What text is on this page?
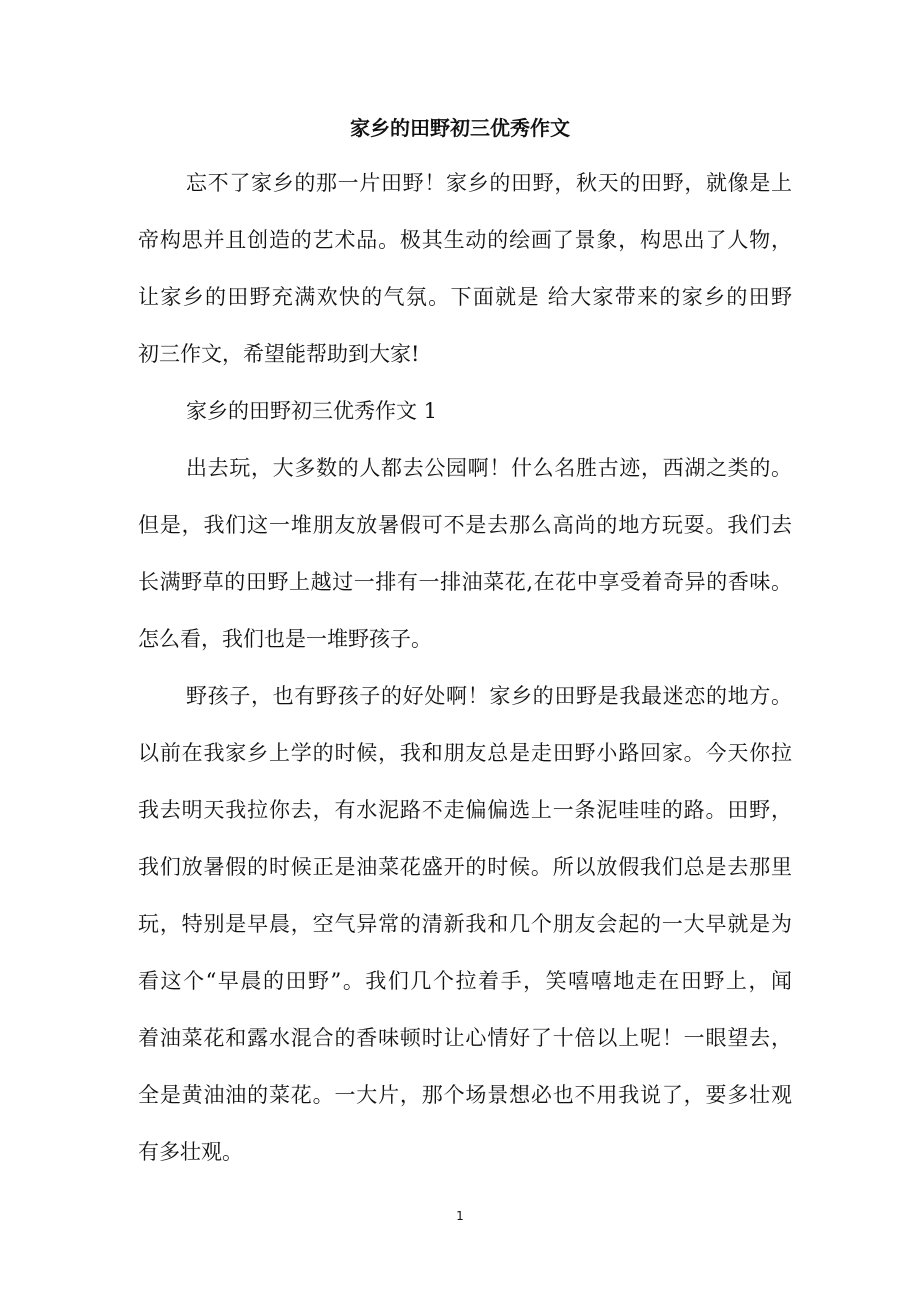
家乡的田野初三优秀作文

忘不了家乡的那一片田野！家乡的田野，秋天的田野，就像是上

帝构思并且创造的艺术品。极其生动的绘画了景象，构思出了人物，

让家乡的田野充满欢快的气氛。下面就是 给大家带来的家乡的田野

初三作文，希望能帮助到大家!

家乡的田野初三优秀作文 1

出去玩，大多数的人都去公园啊！什么名胜古迹，西湖之类的。

但是，我们这一堆朋友放暑假可不是去那么高尚的地方玩耍。我们去

长满野草的田野上越过一排有一排油菜花,在花中享受着奇异的香味。

怎么看，我们也是一堆野孩子。

野孩子，也有野孩子的好处啊！家乡的田野是我最迷恋的地方。

以前在我家乡上学的时候，我和朋友总是走田野小路回家。今天你拉

我去明天我拉你去，有水泥路不走偏偏选上一条泥哇哇的路。田野，

我们放暑假的时候正是油菜花盛开的时候。所以放假我们总是去那里

玩，特别是早晨，空气异常的清新我和几个朋友会起的一大早就是为

看这个“早晨的田野”。我们几个拉着手，笑嘻嘻地走在田野上，闻

着油菜花和露水混合的香味顿时让心情好了十倍以上呢！一眼望去，

全是黄油油的菜花。一大片，那个场景想必也不用我说了，要多壮观

有多壮观。

1
